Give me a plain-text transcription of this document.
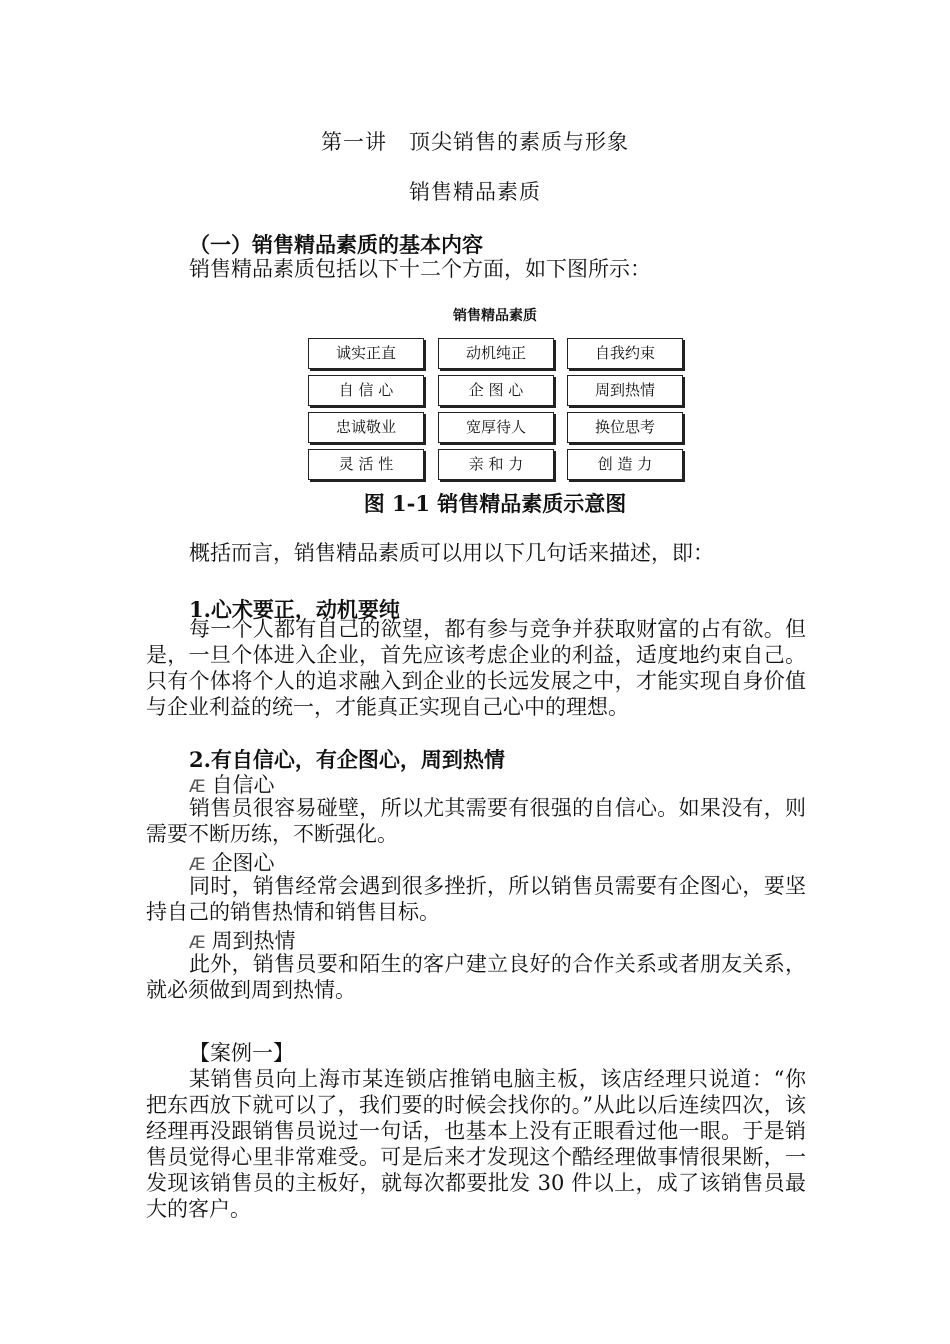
第一讲　顶尖销售的素质与形象
销售精品素质
（一）销售精品素质的基本内容
销售精品素质包括以下十二个方面，如下图所示：
销售精品素质
诚实正直	动机纯正	自我约束
自 信 心	企 图 心	周到热情
忠诚敬业	宽厚待人	换位思考
灵 活 性	亲 和 力	创 造 力
图 1-1 销售精品素质示意图
概括而言，销售精品素质可以用以下几句话来描述，即：
1.心术要正，动机要纯
每一个人都有自己的欲望，都有参与竞争并获取财富的占有欲。但是，一旦个体进入企业，首先应该考虑企业的利益，适度地约束自己。只有个体将个人的追求融入到企业的长远发展之中，才能实现自身价值与企业利益的统一，才能真正实现自己心中的理想。
2.有自信心，有企图心，周到热情
Æ 自信心
销售员很容易碰壁，所以尤其需要有很强的自信心。如果没有，则需要不断历练，不断强化。
Æ 企图心
同时，销售经常会遇到很多挫折，所以销售员需要有企图心，要坚持自己的销售热情和销售目标。
Æ 周到热情
此外，销售员要和陌生的客户建立良好的合作关系或者朋友关系，就必须做到周到热情。
【案例一】
某销售员向上海市某连锁店推销电脑主板，该店经理只说道：“你把东西放下就可以了，我们要的时候会找你的。”从此以后连续四次，该经理再没跟销售员说过一句话，也基本上没有正眼看过他一眼。于是销售员觉得心里非常难受。可是后来才发现这个酷经理做事情很果断，一发现该销售员的主板好，就每次都要批发 30 件以上，成了该销售员最大的客户。
